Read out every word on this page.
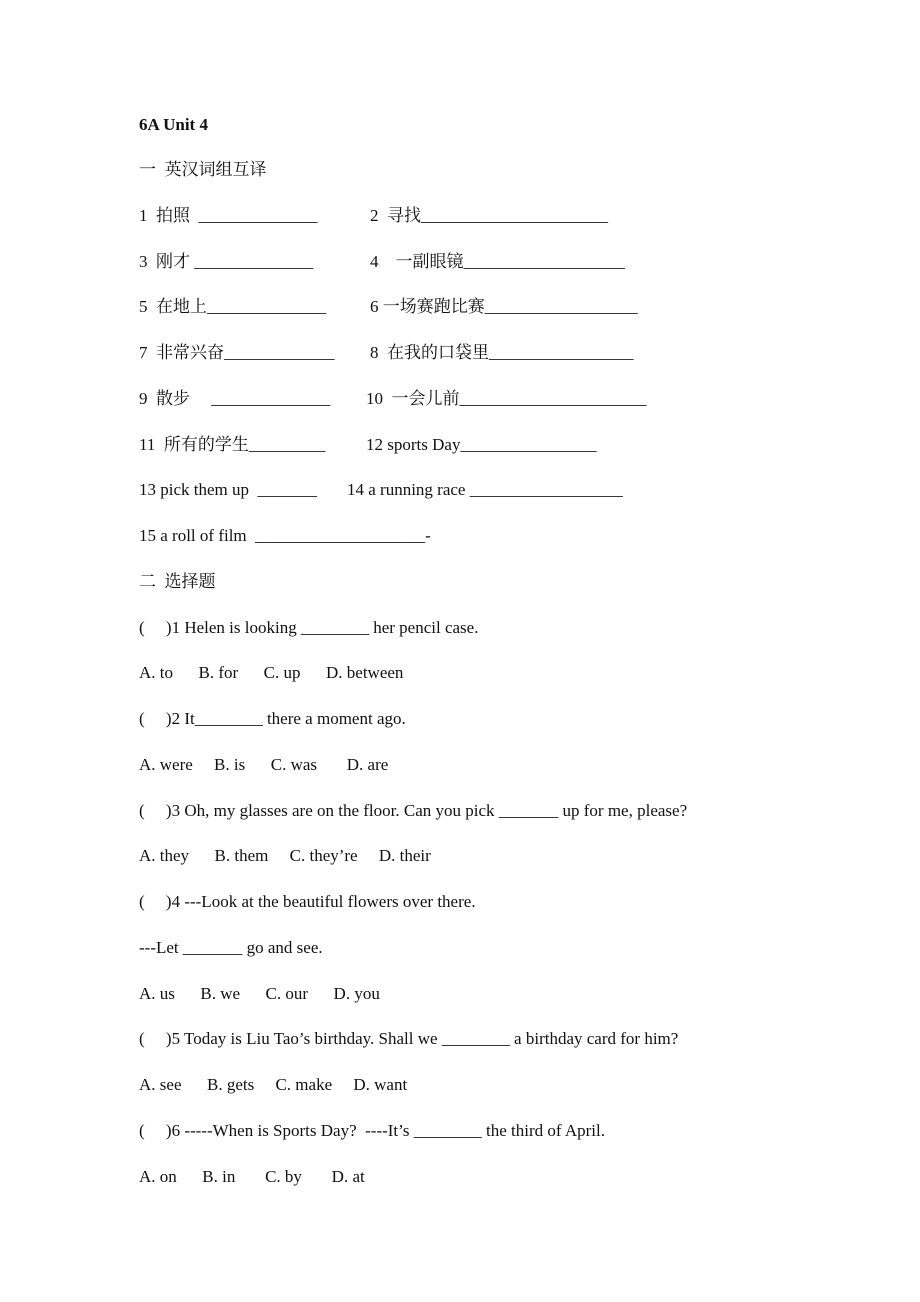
6A Unit 4
一  英汉词组互译
1  拍照  ______________	2  寻找______________________
3  刚才 ______________	4    一副眼镜___________________
5  在地上______________	6 一场赛跑比赛__________________
7  非常兴奋_____________ 8  在我的口袋里_________________
9  散步     ______________ 10  一会儿前______________________
11  所有的学生_________ 12 sports Day________________
13 pick them up  _______ 14 a running race __________________
15 a roll of film  ____________________-
二  选择题
(     )1 Helen is looking ________ her pencil case.
A. to      B. for      C. up      D. between
(     )2 It________ there a moment ago.
A. were     B. is      C. was       D. are
(     )3 Oh, my glasses are on the floor. Can you pick _______ up for me, please?
A. they      B. them     C. they’re     D. their
(     )4 ---Look at the beautiful flowers over there.
---Let _______ go and see.
A. us      B. we      C. our      D. you
(     )5 Today is Liu Tao’s birthday. Shall we ________ a birthday card for him?
A. see      B. gets     C. make     D. want
(     )6 -----When is Sports Day?  ----It’s ________ the third of April.
A. on      B. in       C. by       D. at
